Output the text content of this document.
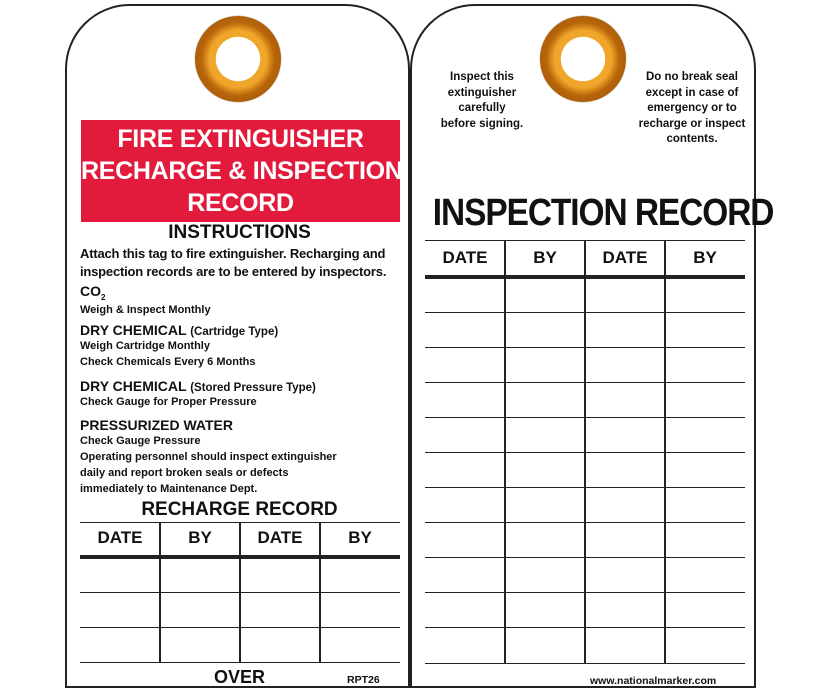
FIRE EXTINGUISHER
RECHARGE & INSPECTION
RECORD
INSTRUCTIONS
Attach this tag to fire extinguisher. Recharging and
inspection records are to be entered by inspectors.
$CO_2$
Weigh & Inspect Monthly
DRY CHEMICAL (Cartridge Type)
Weigh Cartridge Monthly
Check Chemicals Every 6 Months
DRY CHEMICAL (Stored Pressure Type)
Check Gauge for Proper Pressure
PRESSURIZED WATER
Check Gauge Pressure
Operating personnel should inspect extinguisher
daily and report broken seals or defects
immediately to Maintenance Dept.
RECHARGE RECORD
DATE	BY	DATE	BY
OVER	RPT26
Inspect this
extinguisher
carefully
before signing.
Do no break seal
except in case of
emergency or to
recharge or inspect
contents.
INSPECTION RECORD
DATE	BY	DATE	BY
www.nationalmarker.com
